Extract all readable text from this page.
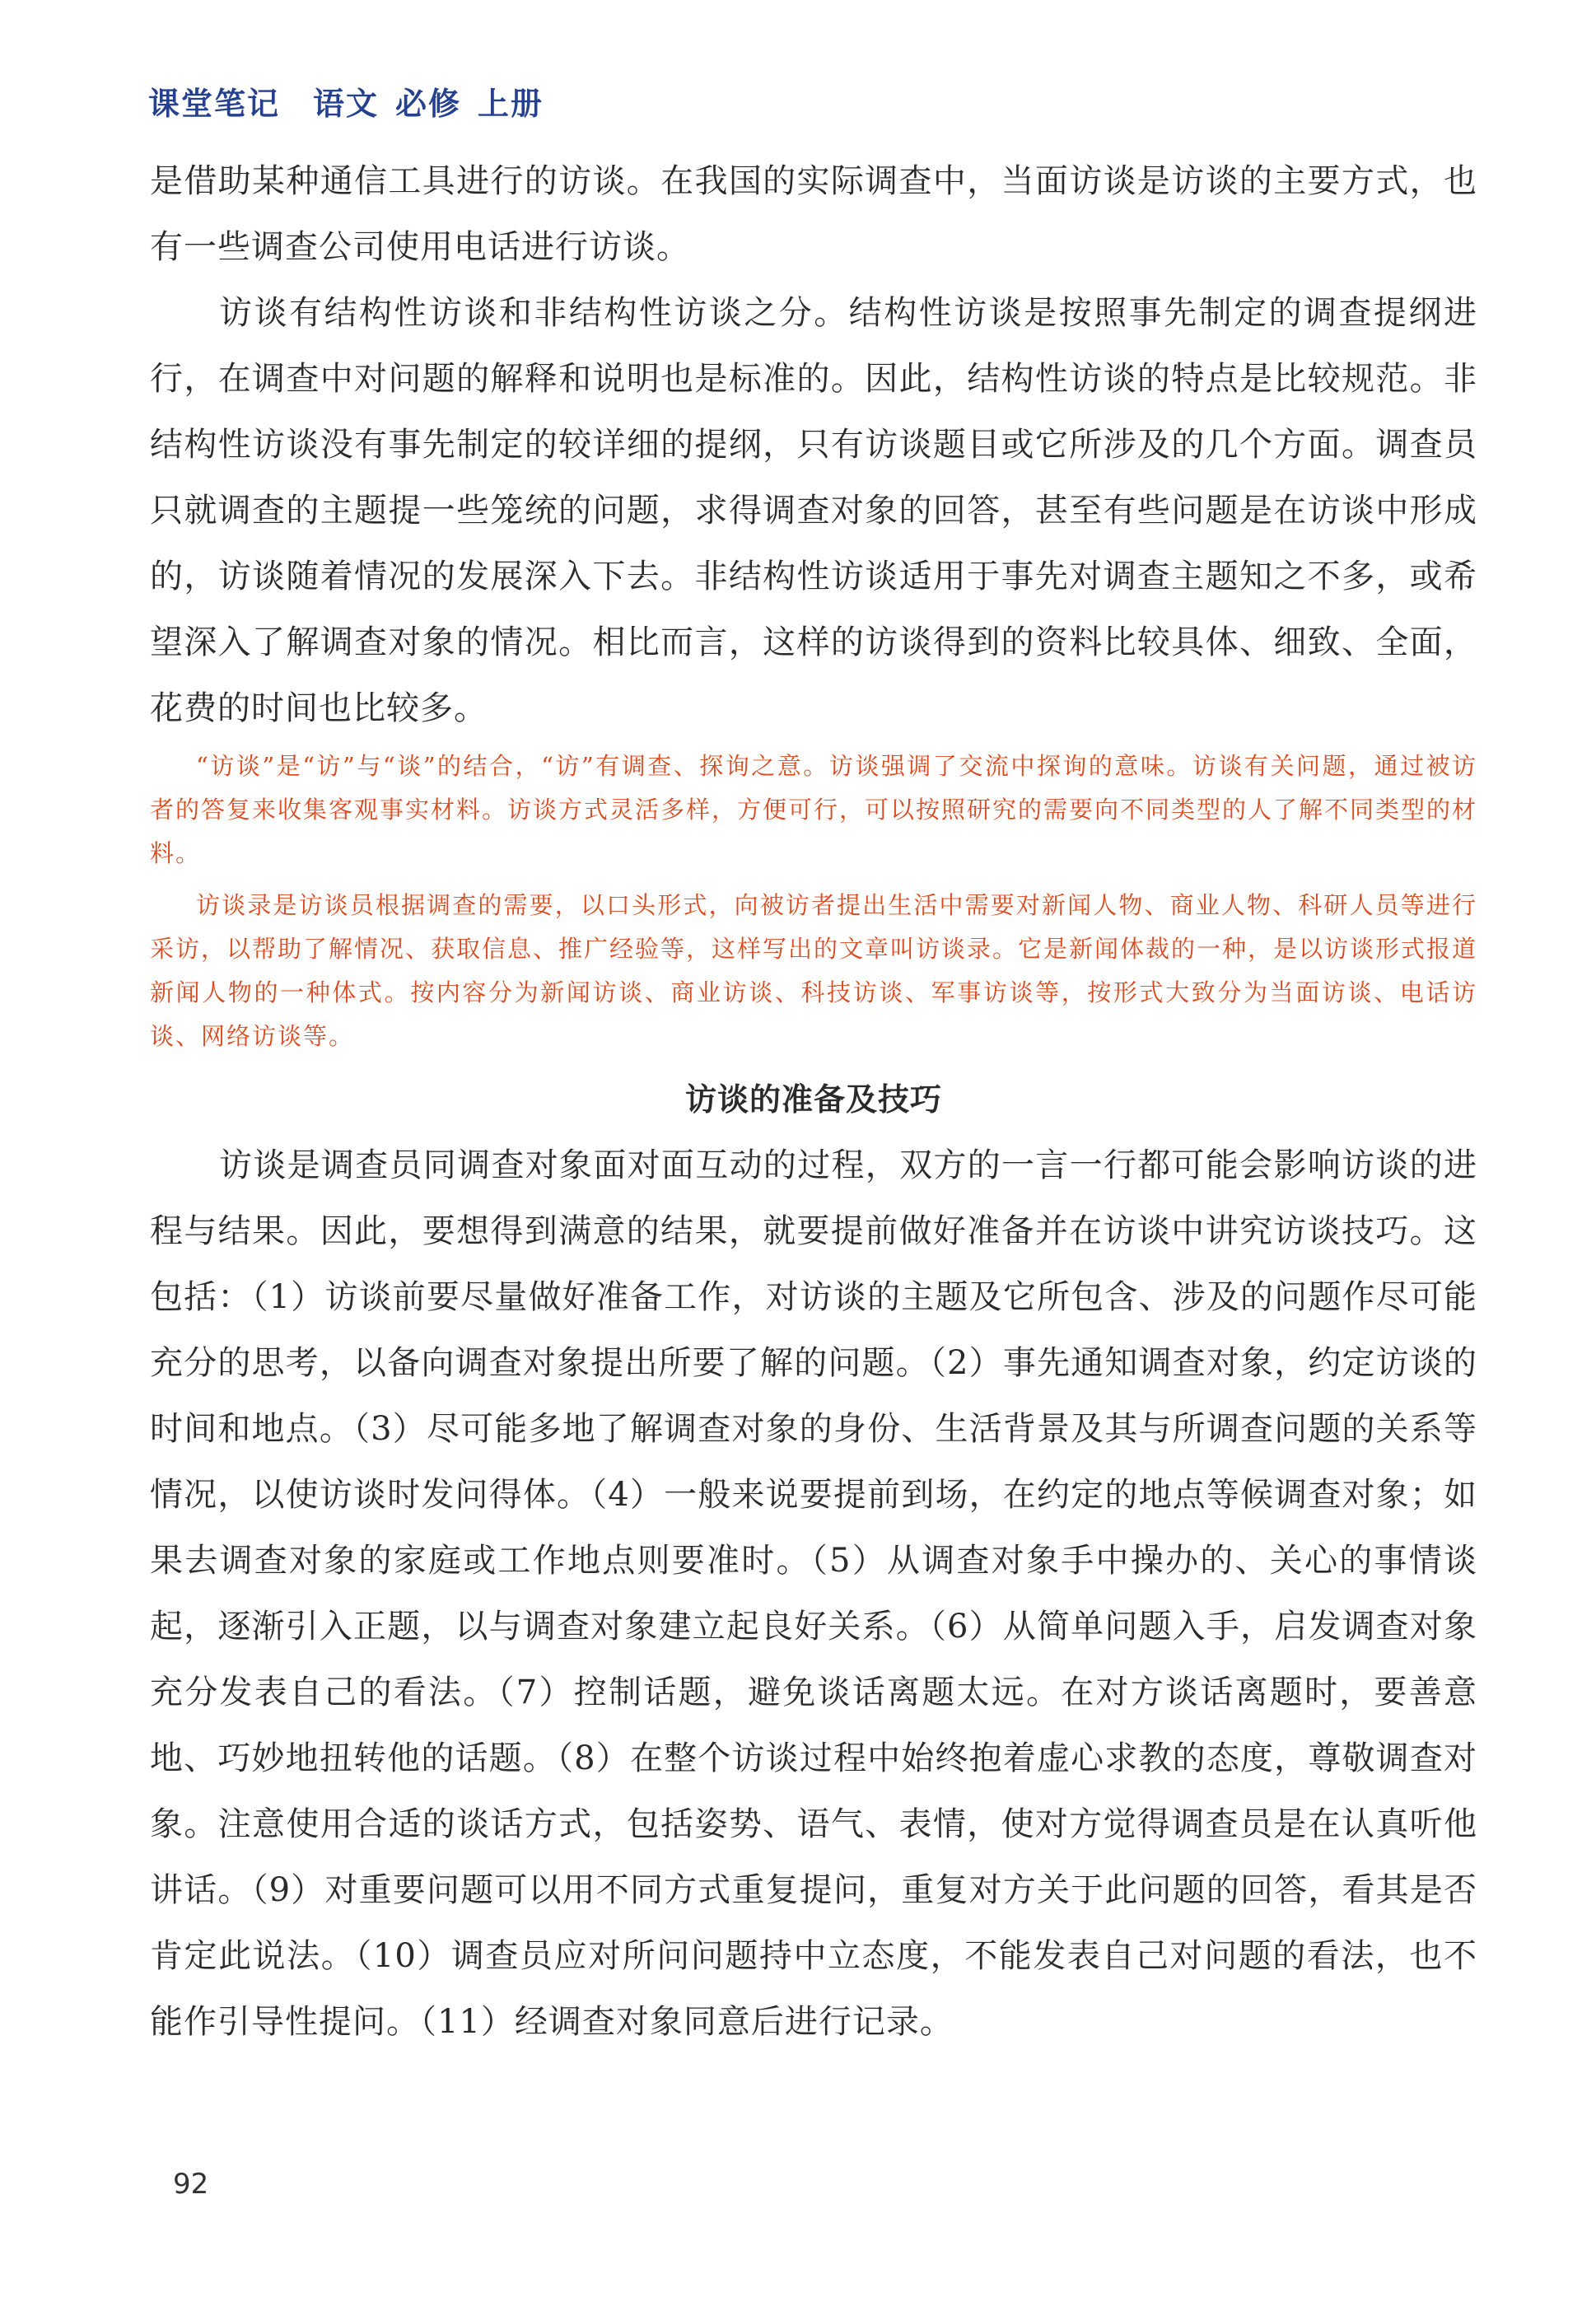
课堂笔记 语文 必修 上册

是借助某种通信工具进行的访谈。在我国的实际调查中，当面访谈是访谈的主要方式，也有一些调查公司使用电话进行访谈。

访谈有结构性访谈和非结构性访谈之分。结构性访谈是按照事先制定的调查提纲进行，在调查中对问题的解释和说明也是标准的。因此，结构性访谈的特点是比较规范。非结构性访谈没有事先制定的较详细的提纲，只有访谈题目或它所涉及的几个方面。调查员只就调查的主题提一些笼统的问题，求得调查对象的回答，甚至有些问题是在访谈中形成的，访谈随着情况的发展深入下去。非结构性访谈适用于事先对调查主题知之不多，或希望深入了解调查对象的情况。相比而言，这样的访谈得到的资料比较具体、细致、全面，花费的时间也比较多。

“访谈”是“访”与“谈”的结合，“访”有调查、探询之意。访谈强调了交流中探询的意味。访谈有关问题，通过被访者的答复来收集客观事实材料。访谈方式灵活多样，方便可行，可以按照研究的需要向不同类型的人了解不同类型的材料。

访谈录是访谈员根据调查的需要，以口头形式，向被访者提出生活中需要对新闻人物、商业人物、科研人员等进行采访，以帮助了解情况、获取信息、推广经验等，这样写出的文章叫访谈录。它是新闻体裁的一种，是以访谈形式报道新闻人物的一种体式。按内容分为新闻访谈、商业访谈、科技访谈、军事访谈等，按形式大致分为当面访谈、电话访谈、网络访谈等。

访谈的准备及技巧

访谈是调查员同调查对象面对面互动的过程，双方的一言一行都可能会影响访谈的进程与结果。因此，要想得到满意的结果，就要提前做好准备并在访谈中讲究访谈技巧。这包括：（1）访谈前要尽量做好准备工作，对访谈的主题及它所包含、涉及的问题作尽可能充分的思考，以备向调查对象提出所要了解的问题。（2）事先通知调查对象，约定访谈的时间和地点。（3）尽可能多地了解调查对象的身份、生活背景及其与所调查问题的关系等情况，以使访谈时发问得体。（4）一般来说要提前到场，在约定的地点等候调查对象；如果去调查对象的家庭或工作地点则要准时。（5）从调查对象手中操办的、关心的事情谈起，逐渐引入正题，以与调查对象建立起良好关系。（6）从简单问题入手，启发调查对象充分发表自己的看法。（7）控制话题，避免谈话离题太远。在对方谈话离题时，要善意地、巧妙地扭转他的话题。（8）在整个访谈过程中始终抱着虚心求教的态度，尊敬调查对象。注意使用合适的谈话方式，包括姿势、语气、表情，使对方觉得调查员是在认真听他讲话。（9）对重要问题可以用不同方式重复提问，重复对方关于此问题的回答，看其是否肯定此说法。（10）调查员应对所问问题持中立态度，不能发表自己对问题的看法，也不能作引导性提问。（11）经调查对象同意后进行记录。

92
